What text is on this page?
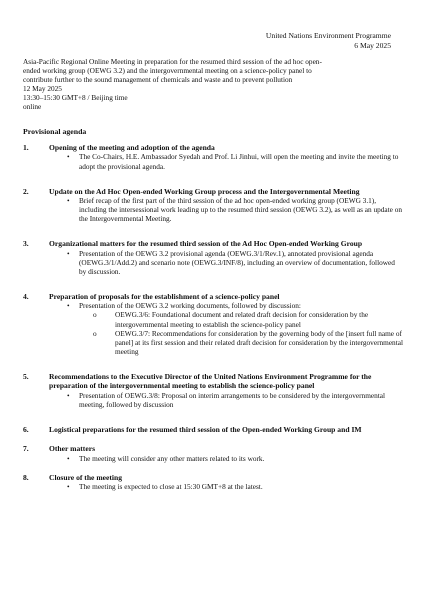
United Nations Environment Programme
6 May 2025
Asia-Pacific Regional Online Meeting in preparation for the resumed third session of the ad hoc open-
ended working group (OEWG 3.2) and the intergovernmental meeting on a science-policy panel to
contribute further to the sound management of chemicals and waste and to prevent pollution
12 May 2025
13:30–15:30 GMT+8 / Beijing time
online
Provisional agenda
1.	Opening of the meeting and adoption of the agenda
• The Co-Chairs, H.E. Ambassador Syedah and Prof. Li Jinhui, will open the meeting and invite the meeting to adopt the provisional agenda.
2.	Update on the Ad Hoc Open-ended Working Group process and the Intergovernmental Meeting
• Brief recap of the first part of the third session of the ad hoc open-ended working group (OEWG 3.1), including the intersessional work leading up to the resumed third session (OEWG 3.2), as well as an update on the Intergovernmental Meeting.
3.	Organizational matters for the resumed third session of the Ad Hoc Open-ended Working Group
• Presentation of the OEWG 3.2 provisional agenda (OEWG.3/1/Rev.1), annotated provisional agenda (OEWG.3/1/Add.2) and scenario note (OEWG.3/INF/8), including an overview of documentation, followed by discussion.
4.	Preparation of proposals for the establishment of a science-policy panel
• Presentation of the OEWG 3.2 working documents, followed by discussion:
o OEWG.3/6: Foundational document and related draft decision for consideration by the intergovernmental meeting to establish the science-policy panel
o OEWG.3/7: Recommendations for consideration by the governing body of the [insert full name of panel] at its first session and their related draft decision for consideration by the intergovernmental meeting
5.	Recommendations to the Executive Director of the United Nations Environment Programme for the preparation of the intergovernmental meeting to establish the science-policy panel
• Presentation of OEWG.3/8: Proposal on interim arrangements to be considered by the intergovernmental meeting, followed by discussion
6.	Logistical preparations for the resumed third session of the Open-ended Working Group and IM
7.	Other matters
• The meeting will consider any other matters related to its work.
8.	Closure of the meeting
• The meeting is expected to close at 15:30 GMT+8 at the latest.
